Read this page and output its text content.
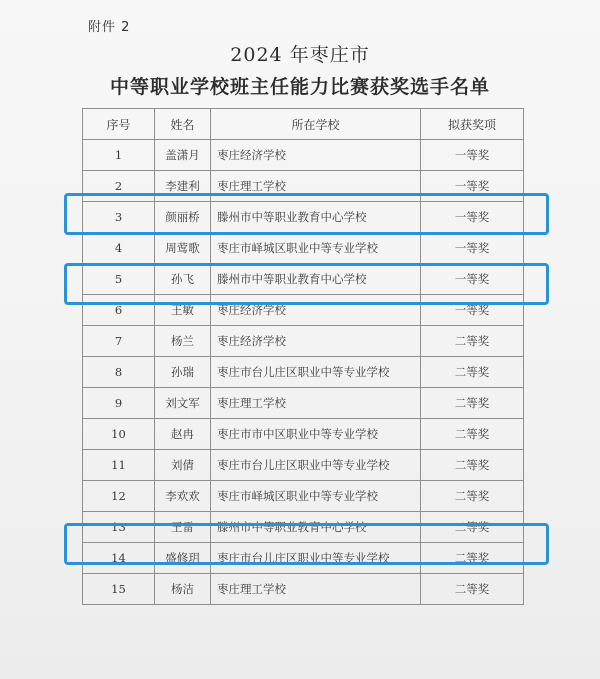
附件 2
2024 年枣庄市
中等职业学校班主任能力比赛获奖选手名单
序号	姓名	所在学校	拟获奖项
1	盖潇月	枣庄经济学校	一等奖
2	李建利	枣庄理工学校	一等奖
3	颜丽桥	滕州市中等职业教育中心学校	一等奖
4	周莺歌	枣庄市峄城区职业中等专业学校	一等奖
5	孙飞	滕州市中等职业教育中心学校	一等奖
6	王敏	枣庄经济学校	一等奖
7	杨兰	枣庄经济学校	二等奖
8	孙瑞	枣庄市台儿庄区职业中等专业学校	二等奖
9	刘文军	枣庄理工学校	二等奖
10	赵冉	枣庄市市中区职业中等专业学校	二等奖
11	刘倩	枣庄市台儿庄区职业中等专业学校	二等奖
12	李欢欢	枣庄市峄城区职业中等专业学校	二等奖
13	王雷	滕州市中等职业教育中心学校	二等奖
14	盛修玥	枣庄市台儿庄区职业中等专业学校	二等奖
15	杨洁	枣庄理工学校	二等奖
